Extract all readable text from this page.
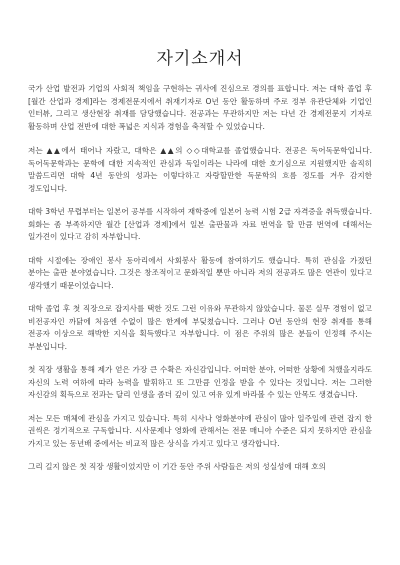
자기소개서

국가 산업 발전과 기업의 사회적 책임을 구현하는 귀사에 진심으로 경의를 표합니다. 저는 대학 졸업 후 [월간 산업과 경제]라는 경제전문지에서 취재기자로 O년 동안 활동하며 주로 정부 유관단체와 기업인 인터뷰, 그리고 생산현장 취재를 담당했습니다. 전공과는 무관하지만 저는 다년 간 경제전문지 기자로 활동하며 산업 전반에 대한 폭넓은 지식과 경험을 축적할 수 있었습니다.

저는 ▲▲에서 태어나 자랐고, 대학은 ▲▲의 ◇◇대학교를 졸업했습니다. 전공은 독어독문학입니다. 독어독문학과는 문학에 대한 지속적인 관심과 독일이라는 나라에 대한 호기심으로 지원했지만 솔직히 말씀드리면 대학 4년 동안의 성과는 이렇다하고 자랑할만한 독문학의 흐름 정도를 겨우 감지한 정도입니다.

대학 3학년 무렵부터는 일본어 공부를 시작하여 재학중에 일본어 능력 시험 2급 자격증을 취득했습니다. 회화는 좀 부족하지만 월간 [산업과 경제]에서 일본 출판물과 자료 번역을 할 만큼 번역에 대해서는 일가견이 있다고 감히 자부합니다.

대학 시절에는 장애인 봉사 동아리에서 사회봉사 활동에 참여하기도 했습니다. 특히 관심을 가졌던 분야는 출판 분야였습니다. 그것은 창조적이고 문화적일 뿐만 아니라 저의 전공과도 많은 연관이 있다고 생각했기 때문이었습니다.

대학 졸업 후 첫 직장으로 잡지사를 택한 것도 그런 이유와 무관하지 않았습니다. 물론 실무 경험이 없고 비전공자인 까닭에 처음엔 수없이 많은 한계에 부딪쳤습니다. 그러나 O년 동안의 현장 취재를 통해 전공자 이상으로 해박한 지식을 획득했다고 자부합니다. 이 점은 주위의 많은 분들이 인정해 주시는 부분입니다.

첫 직장 생활을 통해 제가 얻은 가장 큰 수확은 자신감입니다. 어떠한 분야, 어떠한 상황에 처했을지라도 자신의 노력 여하에 따라 능력을 발휘하고 또 그만큼 인정을 받을 수 있다는 것입니다. 저는 그러한 자신감의 획득으로 전과는 달리 인생을 좀더 깊이 있고 여유 있게 바라볼 수 있는 안목도 생겼습니다.

저는 모든 매체에 관심을 가지고 있습니다. 특히 시사나 영화분야에 관심이 많아 일주일에 관련 잡지 한 권씩은 정기적으로 구독합니다. 시사문제나 영화에 관해서는 전문 매니아 수준은 되지 못하지만 관심을 가지고 있는 동년배 중에서는 비교적 많은 상식을 가지고 있다고 생각합니다.

그리 길지 않은 첫 직장 생활이었지만 이 기간 동안 주위 사람들은 저의 성실성에 대해 호의
